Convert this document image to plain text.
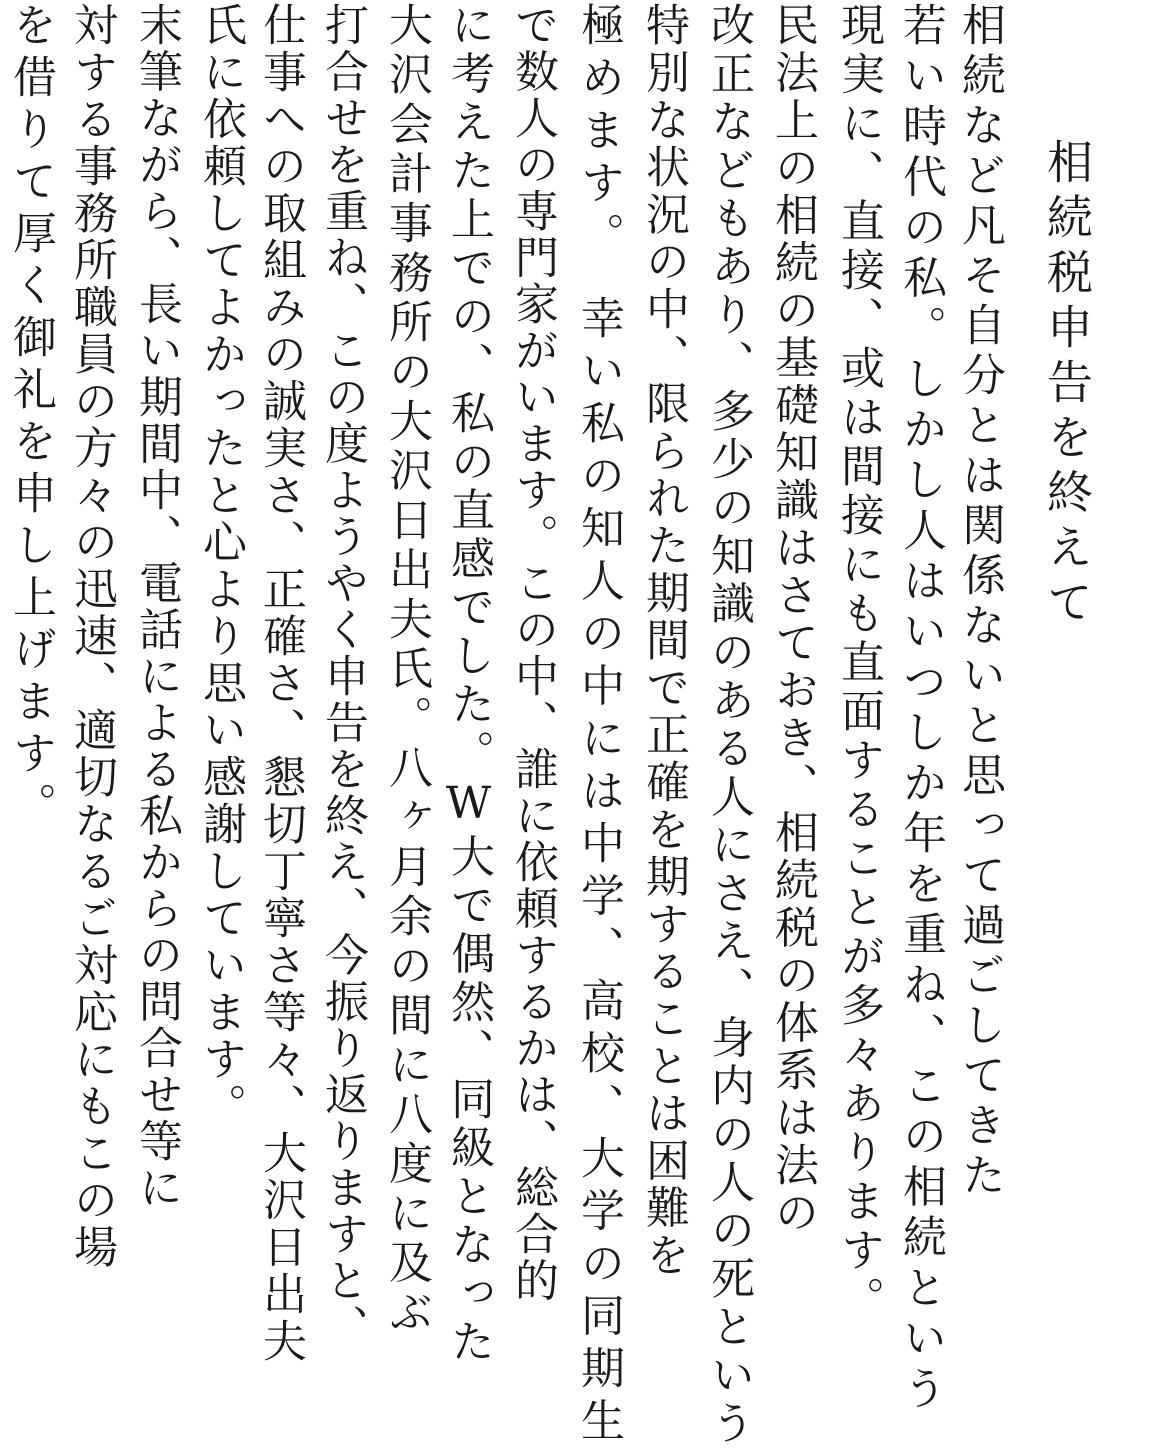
相続税申告を終えて
相続など凡そ自分とは関係ないと思って過ごしてきた
若い時代の私。しかし人はいつしか年を重ね、この相続という
現実に、直接、或は間接にも直面することが多々あります。
民法上の相続の基礎知識はさておき、相続税の体系は法の
改正などもあり、多少の知識のある人にさえ、身内の人の死という
特別な状況の中、限られた期間で正確を期することは困難を
極めます。　幸い私の知人の中には中学、高校、大学の同期生
で数人の専門家がいます。この中、誰に依頼するかは、総合的
に考えた上での、私の直感でした。W大で偶然、同級となった
大沢会計事務所の大沢日出夫氏。八ヶ月余の間に八度に及ぶ
打合せを重ね、この度ようやく申告を終え、今振り返りますと、
仕事への取組みの誠実さ、正確さ、懇切丁寧さ等々、大沢日出夫
氏に依頼してよかったと心より思い感謝しています。
末筆ながら、長い期間中、電話による私からの問合せ等に
対する事務所職員の方々の迅速、適切なるご対応にもこの場
を借りて厚く御礼を申し上げます。
